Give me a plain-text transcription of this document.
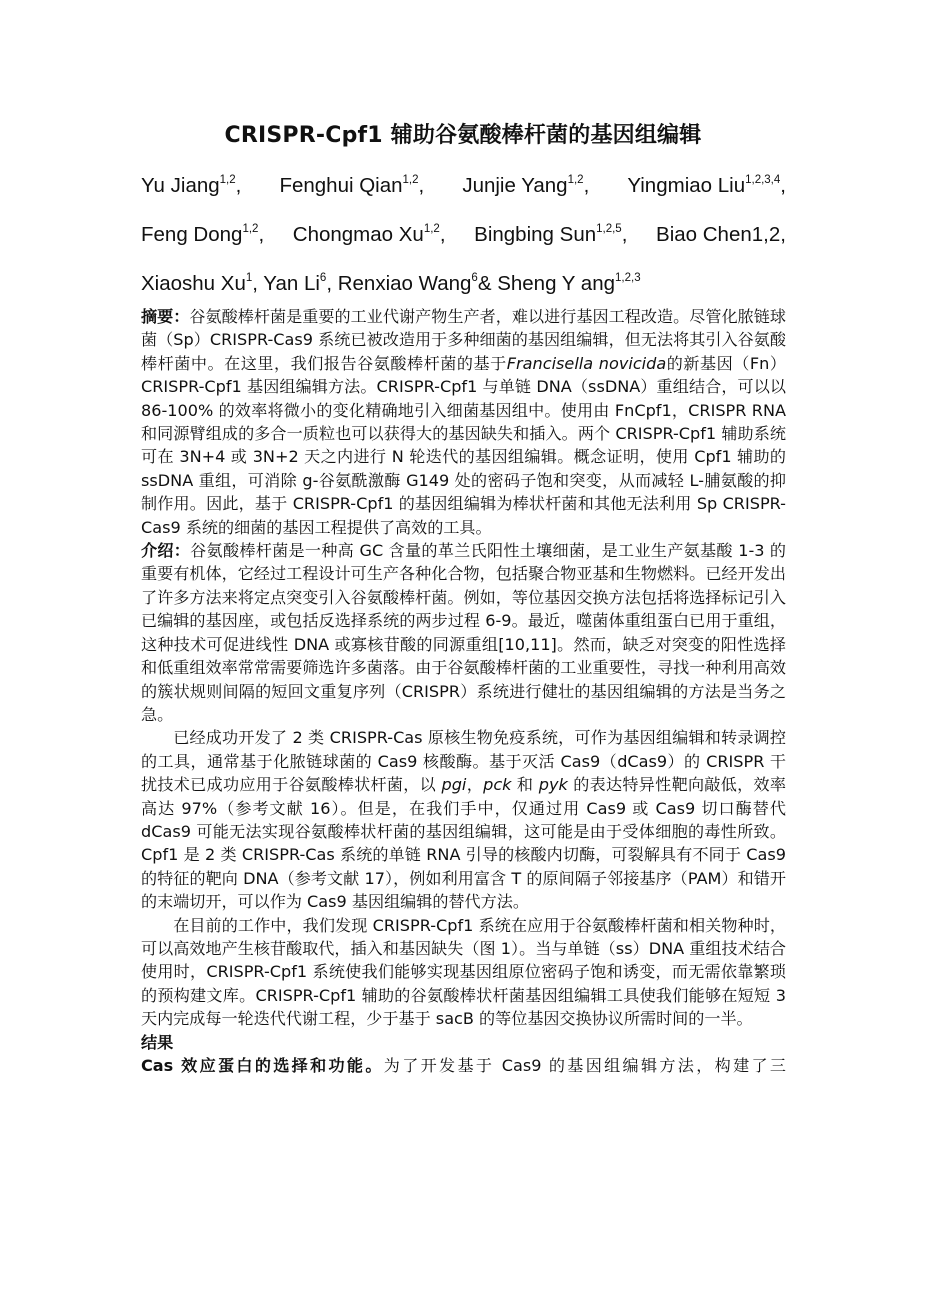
CRISPR-Cpf1 辅助谷氨酸棒杆菌的基因组编辑
Yu Jiang$^{1,2}$, Fenghui Qian$^{1,2}$, Junjie Yang$^{1,2}$, Yingmiao Liu$^{1,2,3,4}$,
Feng Dong$^{1,2}$, Chongmao Xu$^{1,2}$, Bingbing Sun$^{1,2,5}$, Biao Chen1,2,
Xiaoshu Xu$^1$, Yan Li$^6$, Renxiao Wang$^6$& Sheng Y ang$^{1,2,3}$

摘要：谷氨酸棒杆菌是重要的工业代谢产物生产者，难以进行基因工程改造。尽管化脓链球菌（Sp）CRISPR-Cas9 系统已被改造用于多种细菌的基因组编辑，但无法将其引入谷氨酸棒杆菌中。在这里，我们报告谷氨酸棒杆菌的基于Francisella novicida的新基因（Fn）CRISPR-Cpf1 基因组编辑方法。CRISPR-Cpf1 与单链 DNA（ssDNA）重组结合，可以以 86-100% 的效率将微小的变化精确地引入细菌基因组中。使用由 FnCpf1，CRISPR RNA 和同源臂组成的多合一质粒也可以获得大的基因缺失和插入。两个 CRISPR-Cpf1 辅助系统可在 3N+4 或 3N+2 天之内进行 N 轮迭代的基因组编辑。概念证明，使用 Cpf1 辅助的 ssDNA 重组，可消除 g-谷氨酰激酶 G149 处的密码子饱和突变，从而减轻 L-脯氨酸的抑制作用。因此，基于 CRISPR-Cpf1 的基因组编辑为棒状杆菌和其他无法利用 Sp CRISPR-Cas9 系统的细菌的基因工程提供了高效的工具。

介绍：谷氨酸棒杆菌是一种高 GC 含量的革兰氏阳性土壤细菌，是工业生产氨基酸 1-3 的重要有机体，它经过工程设计可生产各种化合物，包括聚合物亚基和生物燃料。已经开发出了许多方法来将定点突变引入谷氨酸棒杆菌。例如，等位基因交换方法包括将选择标记引入已编辑的基因座，或包括反选择系统的两步过程 6-9。最近，噬菌体重组蛋白已用于重组，这种技术可促进线性 DNA 或寡核苷酸的同源重组[10,11]。然而，缺乏对突变的阳性选择和低重组效率常常需要筛选许多菌落。由于谷氨酸棒杆菌的工业重要性，寻找一种利用高效的簇状规则间隔的短回文重复序列（CRISPR）系统进行健壮的基因组编辑的方法是当务之急。

已经成功开发了 2 类 CRISPR-Cas 原核生物免疫系统，可作为基因组编辑和转录调控的工具，通常基于化脓链球菌的 Cas9 核酸酶。基于灭活 Cas9（dCas9）的 CRISPR 干扰技术已成功应用于谷氨酸棒状杆菌，以 pgi，pck 和 pyk 的表达特异性靶向敲低，效率高达 97%（参考文献 16）。但是，在我们手中，仅通过用 Cas9 或 Cas9 切口酶替代 dCas9 可能无法实现谷氨酸棒状杆菌的基因组编辑，这可能是由于受体细胞的毒性所致。Cpf1 是 2 类 CRISPR-Cas 系统的单链 RNA 引导的核酸内切酶，可裂解具有不同于 Cas9 的特征的靶向 DNA（参考文献 17），例如利用富含 T 的原间隔子邻接基序（PAM）和错开的末端切开，可以作为 Cas9 基因组编辑的替代方法。

在目前的工作中，我们发现 CRISPR-Cpf1 系统在应用于谷氨酸棒杆菌和相关物种时，可以高效地产生核苷酸取代，插入和基因缺失（图 1）。当与单链（ss）DNA 重组技术结合使用时，CRISPR-Cpf1 系统使我们能够实现基因组原位密码子饱和诱变，而无需依靠繁琐的预构建文库。CRISPR-Cpf1 辅助的谷氨酸棒状杆菌基因组编辑工具使我们能够在短短 3 天内完成每一轮迭代代谢工程，少于基于 sacB 的等位基因交换协议所需时间的一半。

结果

Cas 效应蛋白的选择和功能。为了开发基于 Cas9 的基因组编辑方法，构建了三
